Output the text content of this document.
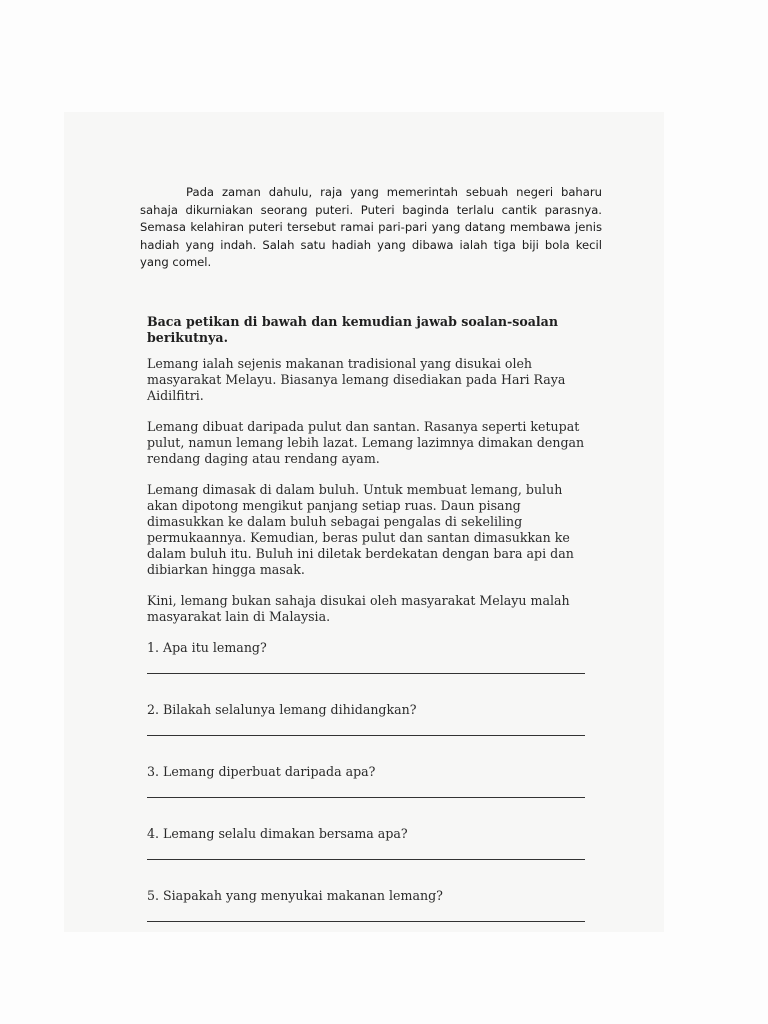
Pada zaman dahulu, raja yang memerintah sebuah negeri baharu sahaja dikurniakan seorang puteri. Puteri baginda terlalu cantik parasnya. Semasa kelahiran puteri tersebut ramai pari-pari yang datang membawa jenis hadiah yang indah. Salah satu hadiah yang dibawa ialah tiga biji bola kecil yang comel.

Baca petikan di bawah dan kemudian jawab soalan-soalan berikutnya.

Lemang ialah sejenis makanan tradisional yang disukai oleh masyarakat Melayu. Biasanya lemang disediakan pada Hari Raya Aidilfitri.

Lemang dibuat daripada pulut dan santan. Rasanya seperti ketupat pulut, namun lemang lebih lazat. Lemang lazimnya dimakan dengan rendang daging atau rendang ayam.

Lemang dimasak di dalam buluh. Untuk membuat lemang, buluh akan dipotong mengikut panjang setiap ruas. Daun pisang dimasukkan ke dalam buluh sebagai pengalas di sekeliling permukaannya. Kemudian, beras pulut dan santan dimasukkan ke dalam buluh itu. Buluh ini diletak berdekatan dengan bara api dan dibiarkan hingga masak.

Kini, lemang bukan sahaja disukai oleh masyarakat Melayu malah masyarakat lain di Malaysia.

1. Apa itu lemang?

2. Bilakah selalunya lemang dihidangkan?

3. Lemang diperbuat daripada apa?

4. Lemang selalu dimakan bersama apa?

5. Siapakah yang menyukai makanan lemang?
